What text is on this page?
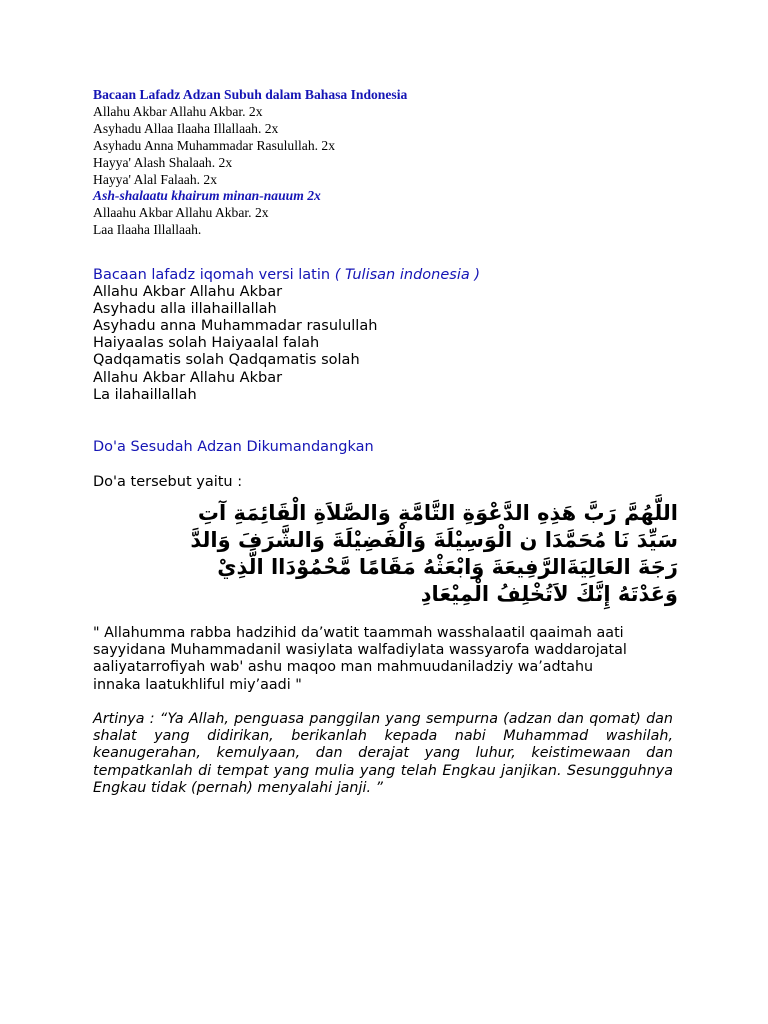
Bacaan Lafadz Adzan Subuh dalam Bahasa Indonesia
Allahu Akbar Allahu Akbar. 2x
Asyhadu Allaa Ilaaha Illallaah. 2x
Asyhadu Anna Muhammadar Rasulullah. 2x
Hayya' Alash Shalaah. 2x
Hayya' Alal Falaah. 2x
Ash-shalaatu khairum minan-nauum 2x
Allaahu Akbar Allahu Akbar. 2x
Laa Ilaaha Illallaah.
Bacaan lafadz iqomah versi latin ( Tulisan indonesia )
Allahu Akbar Allahu Akbar
Asyhadu alla illahaillallah
Asyhadu anna Muhammadar rasulullah
Haiyaalas solah Haiyaalal falah
Qadqamatis solah Qadqamatis solah
Allahu Akbar Allahu Akbar
La ilahaillallah
Do'a Sesudah Adzan Dikumandangkan
Do'a tersebut yaitu :
اللَّهُمَّ رَبَّ هَذِهِ الدَّعْوَةِ التَّامَّةِ وَالصَّلاَةِ الْقَائِمَةِ آتِ
سَيِّدَ نَا مُحَمَّدَا ن الْوَسِيْلَةَ وَالْفَضِيْلَةَ وَالشَّرَفَ وَالدَّ
رَجَةَ العَالِيَةَالرَّفِيعَةَ وَابْعَثْهُ مَقَامًا مَّحْمُوْدَاا الَّذِيْ
وَعَدْتَهُ إِنَّكَ لاَتُخْلِفُ الْمِيْعَادِ
" Allahumma rabba hadzihid da’watit taammah wasshalaatil qaaimah aati
sayyidana Muhammadanil wasiylata walfadiylata wassyarofa waddarojatal
aaliyatarrofiyah wab' ashu maqoo man mahmuudaniladziy wa’adtahu
innaka laatukhliful miy’aadi "
Artinya : “Ya Allah, penguasa panggilan yang sempurna (adzan dan qomat) dan shalat yang didirikan, berikanlah kepada nabi Muhammad washilah, keanugerahan, kemulyaan, dan derajat yang luhur, keistimewaan dan tempatkanlah di tempat yang mulia yang telah Engkau janjikan. Sesungguhnya Engkau tidak (pernah) menyalahi janji. ”
